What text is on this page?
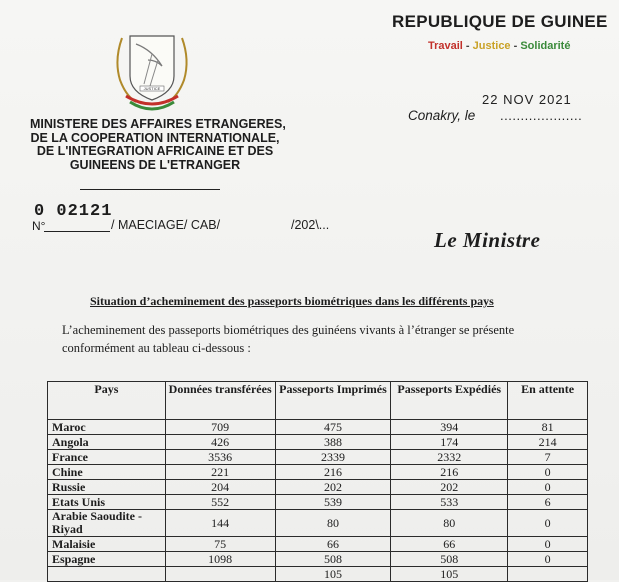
REPUBLIQUE DE GUINEE
Travail - Justice - Solidarité
JUSTICE
MINISTERE DES AFFAIRES ETRANGERES,
DE LA COOPERATION INTERNATIONALE,
DE L'INTEGRATION AFRICAINE ET DES
GUINEENS DE L'ETRANGER
22 NOV 2021
Conakry, le ....................
0 02121
N°	/ MAECIAGE/ CAB/	/202\...
Le Ministre
Situation d’acheminement des passeports biométriques dans les différents pays
L’acheminement des passeports biométriques des guinéens vivants à l’étranger se présente conformément au tableau ci-dessous :
Pays	Données transférées	Passeports Imprimés	Passeports Expédiés	En attente
Maroc	709	475	394	81
Angola	426	388	174	214
France	3536	2339	2332	7
Chine	221	216	216	0
Russie	204	202	202	0
Etats Unis	552	539	533	6
Arabie Saoudite - Riyad	144	80	80	0
Malaisie	75	66	66	0
Espagne	1098	508	508	0
		105	105	
